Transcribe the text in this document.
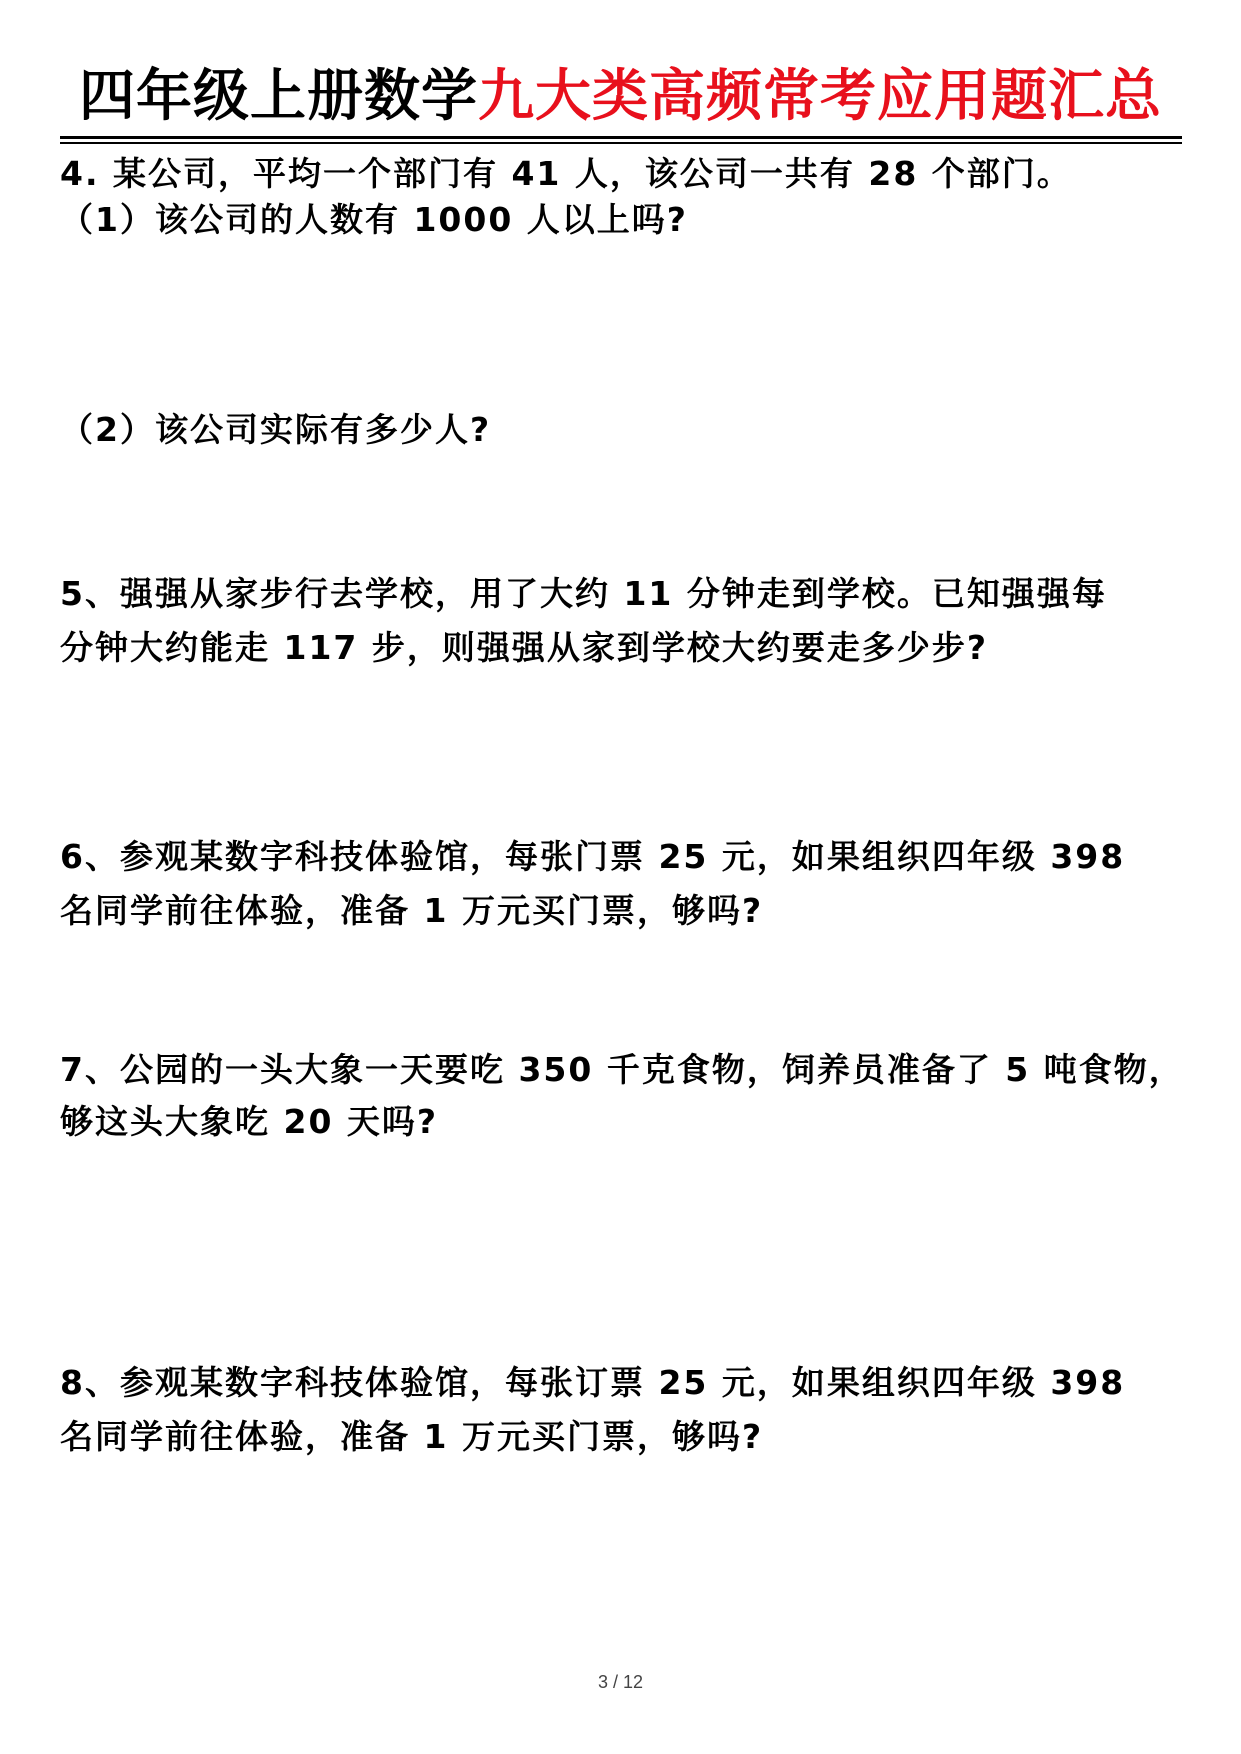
四年级上册数学九大类高频常考应用题汇总
4. 某公司，平均一个部门有 41 人，该公司一共有 28 个部门。
（1）该公司的人数有 1000 人以上吗?
（2）该公司实际有多少人?
5、强强从家步行去学校，用了大约 11 分钟走到学校。已知强强每
分钟大约能走 117 步，则强强从家到学校大约要走多少步?
6、参观某数字科技体验馆，每张门票 25 元，如果组织四年级 398
名同学前往体验，准备 1 万元买门票，够吗?
7、公园的一头大象一天要吃 350 千克食物，饲养员准备了 5 吨食物，
够这头大象吃 20 天吗?
8、参观某数字科技体验馆，每张订票 25 元，如果组织四年级 398
名同学前往体验，准备 1 万元买门票，够吗?
3 / 12
